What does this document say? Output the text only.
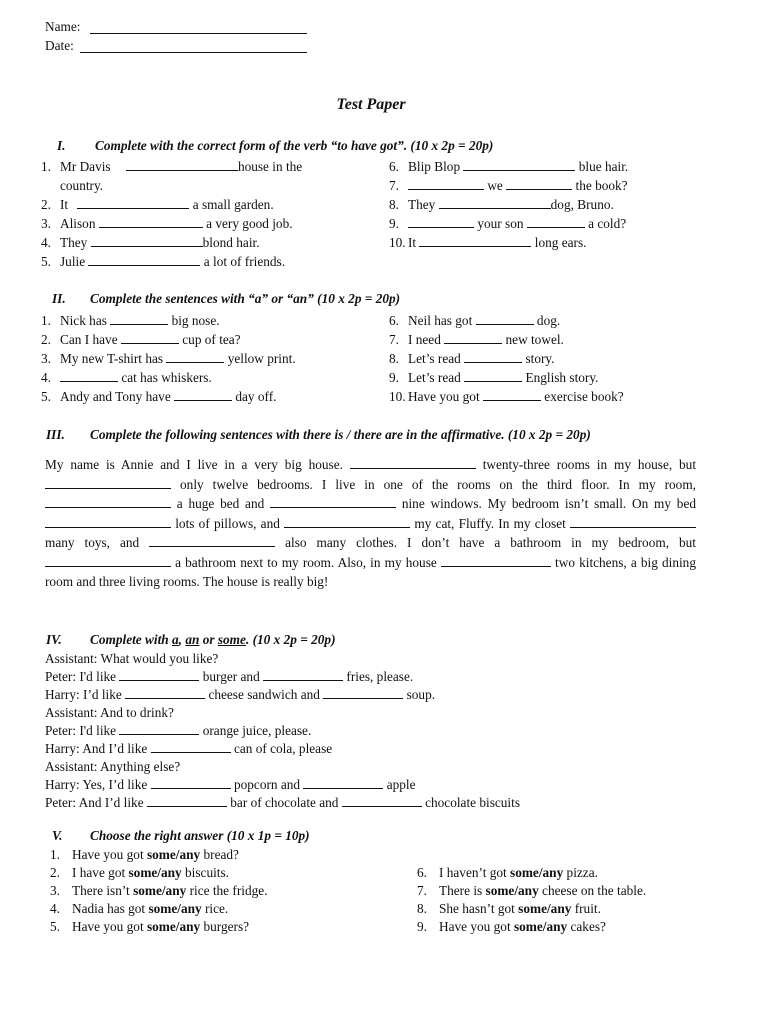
Name:
Date:
Test Paper
I. Complete with the correct form of the verb “to have got”. (10 x 2p = 20p)
1. Mr Davis	house in the
country.
2. It	a small garden.
3. Alison	a very good job.
4. They	blond hair.
5. Julie	a lot of friends.
6. Blip Blop	blue hair.
7.	we	the book?
8. They	dog, Bruno.
9.	your son	a cold?
10. It	long ears.
II. Complete the sentences with “a” or “an” (10 x 2p = 20p)
1. Nick has	big nose.
2. Can I have	cup of tea?
3. My new T-shirt has	yellow print.
4.	cat has whiskers.
5. Andy and Tony have	day off.
6. Neil has got	dog.
7. I need	new towel.
8. Let’s read	story.
9. Let’s read	English story.
10. Have you got	exercise book?
III. Complete the following sentences with there is / there are in the affirmative. (10 x 2p = 20p)

My name is Annie and I live in a very big house.	twenty-three rooms in my house, but  only twelve bedrooms. I live in one of the rooms on the third floor. In my room,  a huge bed and	nine windows. My bedroom isn’t small. On my bed  lots of pillows, and	my cat, Fluffy. In my closet  many toys, and	also many clothes. I don’t have a bathroom in my bedroom, but  a bathroom next to my room. Also, in my house	two kitchens, a big dining room and three living rooms. The house is really big!

IV. Complete with a, an or some. (10 x 2p = 20p)
Assistant: What would you like?
Peter: I'd like	burger and	fries, please.
Harry: I’d like	cheese sandwich and	soup.
Assistant: And to drink?
Peter: I'd like	orange juice, please.
Harry: And I’d like	can of cola, please
Assistant: Anything else?
Harry: Yes, I’d like	popcorn and	apple
Peter: And I’d like	bar of chocolate and	chocolate biscuits
V. Choose the right answer (10 x 1p = 10p)
1. Have you got some/any bread?
2. I have got some/any biscuits.
3. There isn’t some/any rice the fridge.
4. Nadia has got some/any rice.
5. Have you got some/any burgers?
6. I haven’t got some/any pizza.
7. There is some/any cheese on the table.
8. She hasn’t got some/any fruit.
9. Have you got some/any cakes?
